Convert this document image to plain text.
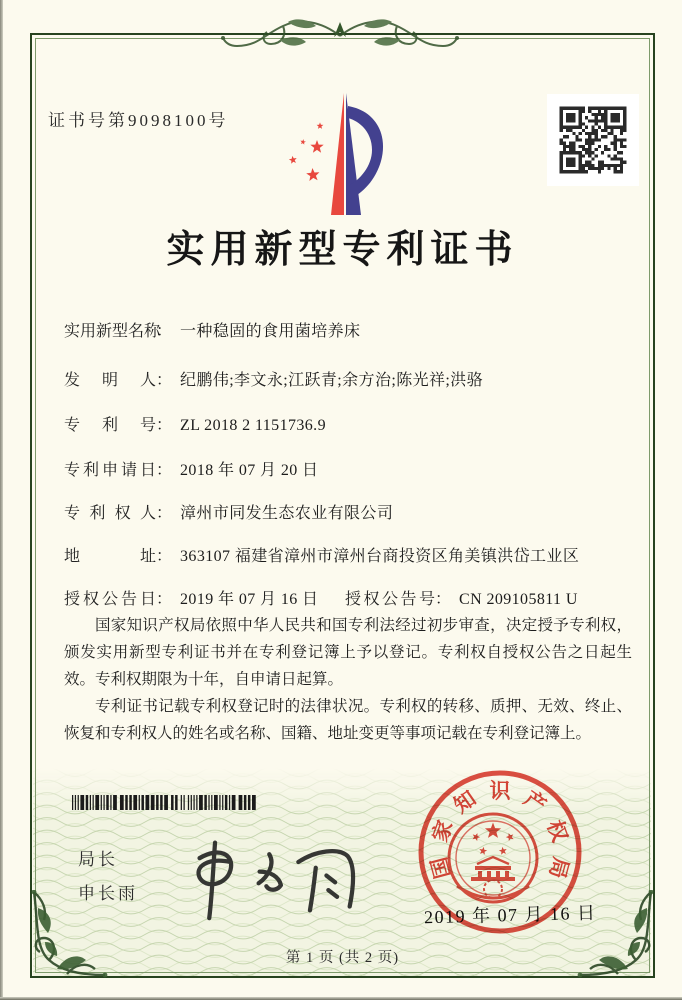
证书号第9098100号
实用新型专利证书
实用新型名称： 一种稳固的食用菌培养床
发明人： 纪鹏伟;李文永;江跃青;余方治;陈光祥;洪骆
专利号： ZL 2018 2 1151736.9
专利申请日： 2018 年 07 月 20 日
专利权人： 漳州市同发生态农业有限公司
地址： 363107 福建省漳州市漳州台商投资区角美镇洪岱工业区
授权公告日： 2019 年 07 月 16 日 授权公告号： CN 209105811 U

国家知识产权局依照中华人民共和国专利法经过初步审查，决定授予专利权，颁发实用新型专利证书并在专利登记簿上予以登记。专利权自授权公告之日起生效。专利权期限为十年，自申请日起算。

专利证书记载专利权登记时的法律状况。专利权的转移、质押、无效、终止、恢复和专利权人的姓名或名称、国籍、地址变更等事项记载在专利登记簿上。

局长
申长雨
国
家
知 识 产
权
局
2019 年 07 月 16 日
第 1 页 (共 2 页)
